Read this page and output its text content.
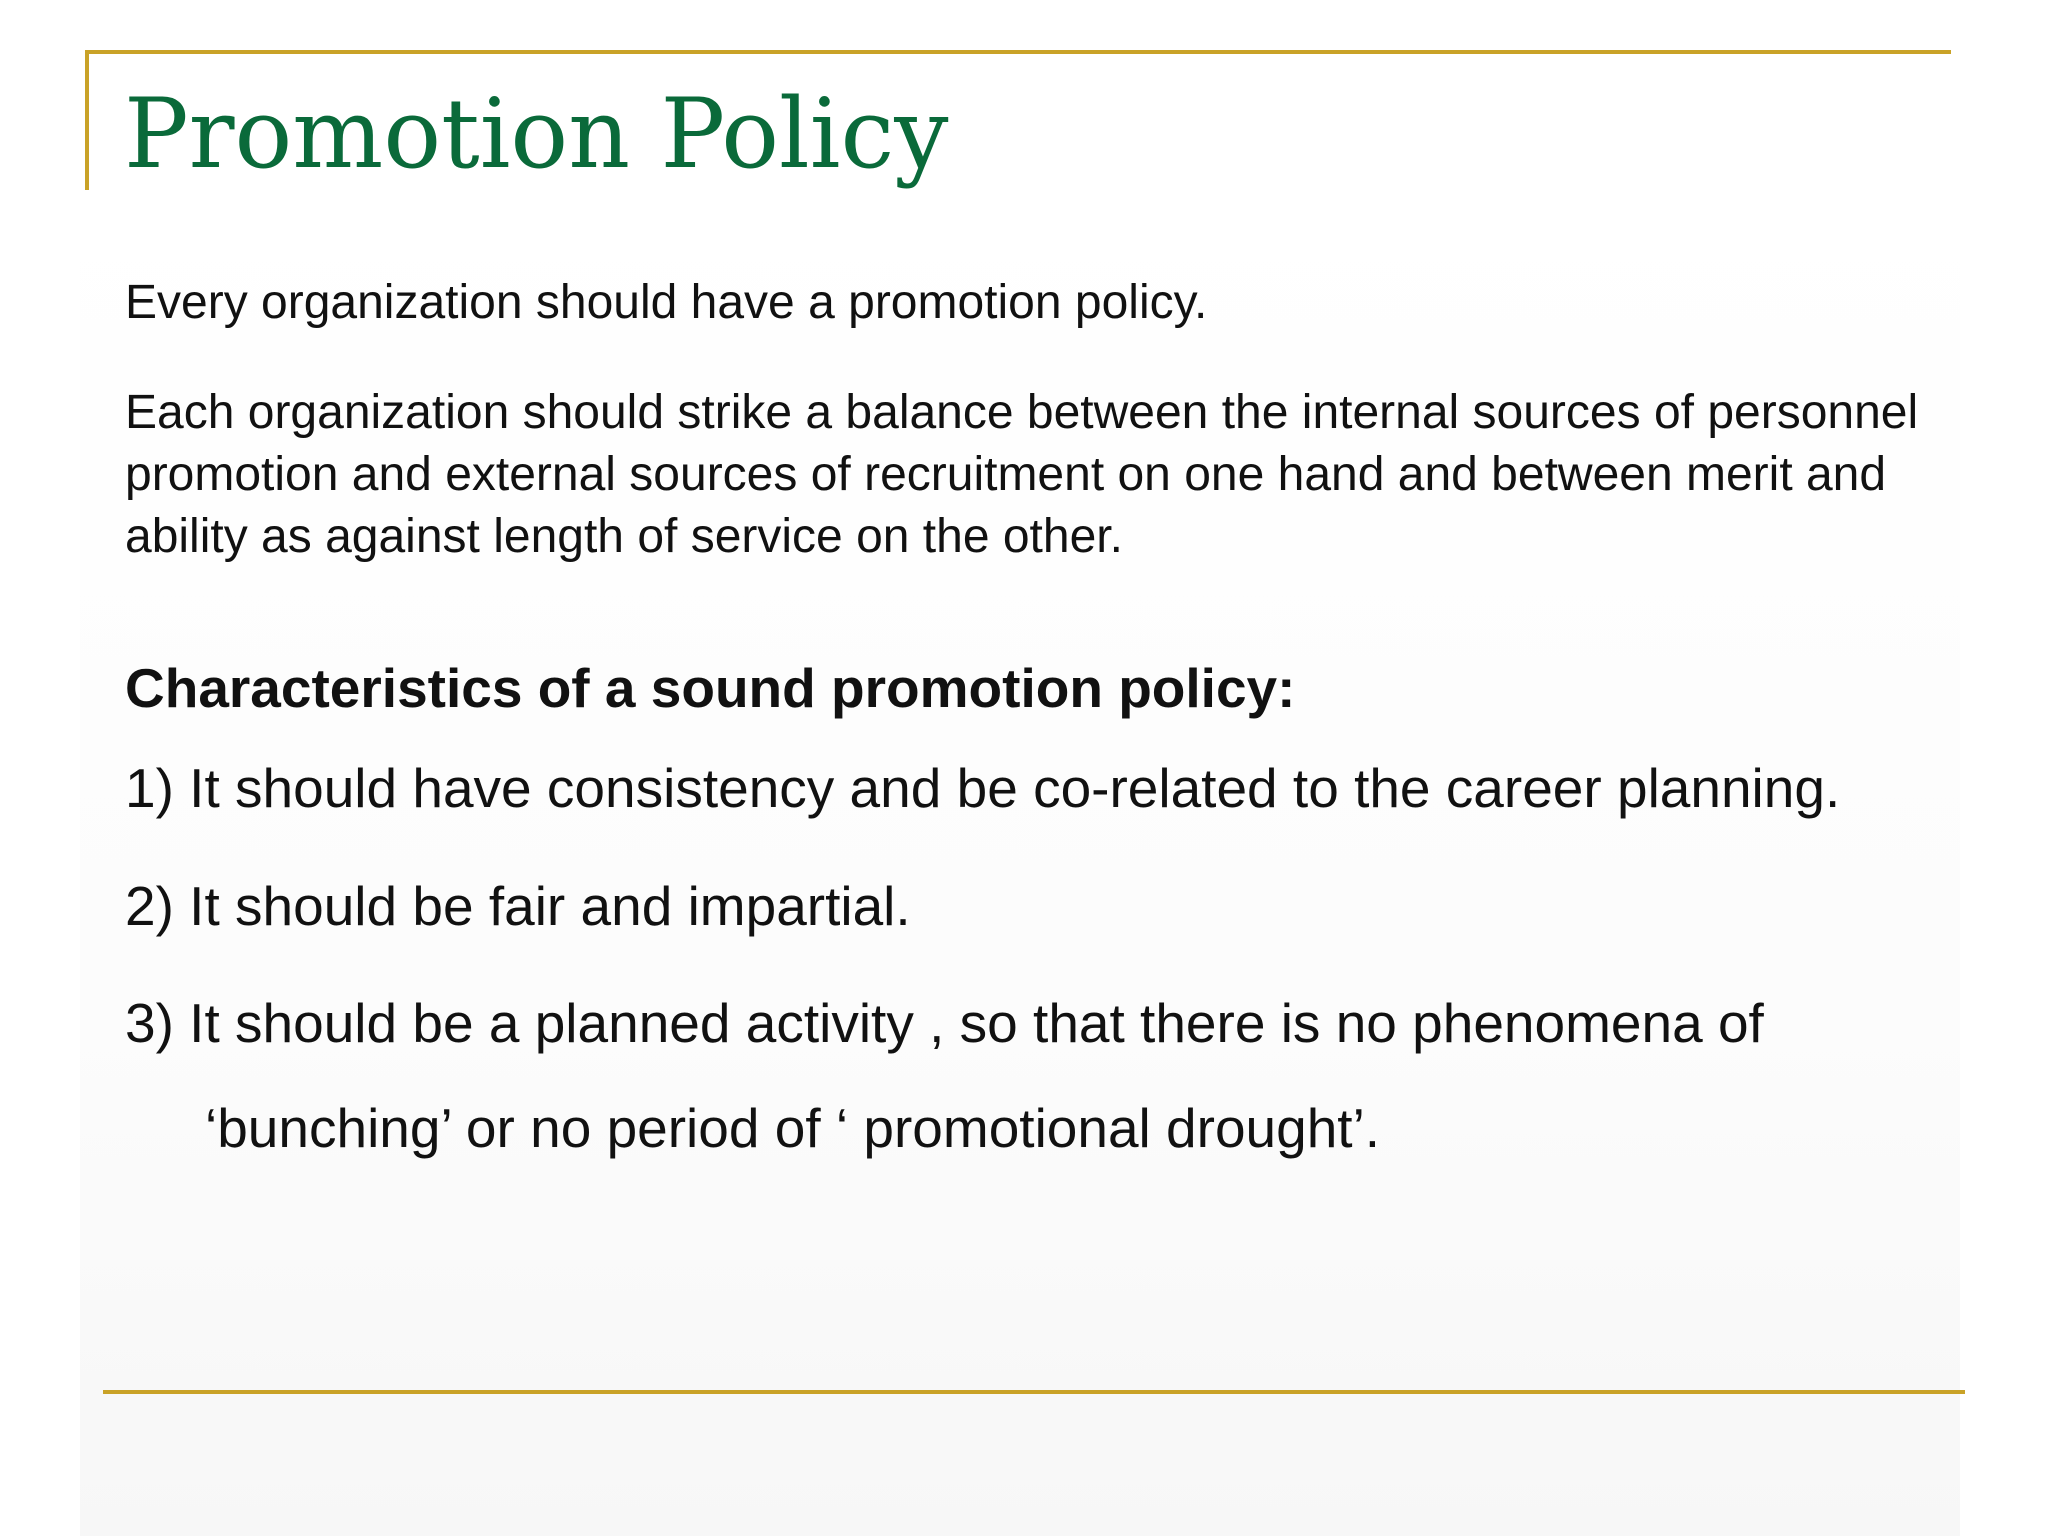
Promotion Policy

Every organization should have a promotion policy.

Each organization should strike a balance between the internal sources of personnel promotion and external sources of recruitment on one hand and between merit and ability as against length of service on the other.

Characteristics of a sound promotion policy:

1) It should have consistency and be co-related to the career planning.

2) It should be fair and impartial.

3) It should be a planned activity , so that there is no phenomena of

‘bunching’ or no period of ‘ promotional drought’.
